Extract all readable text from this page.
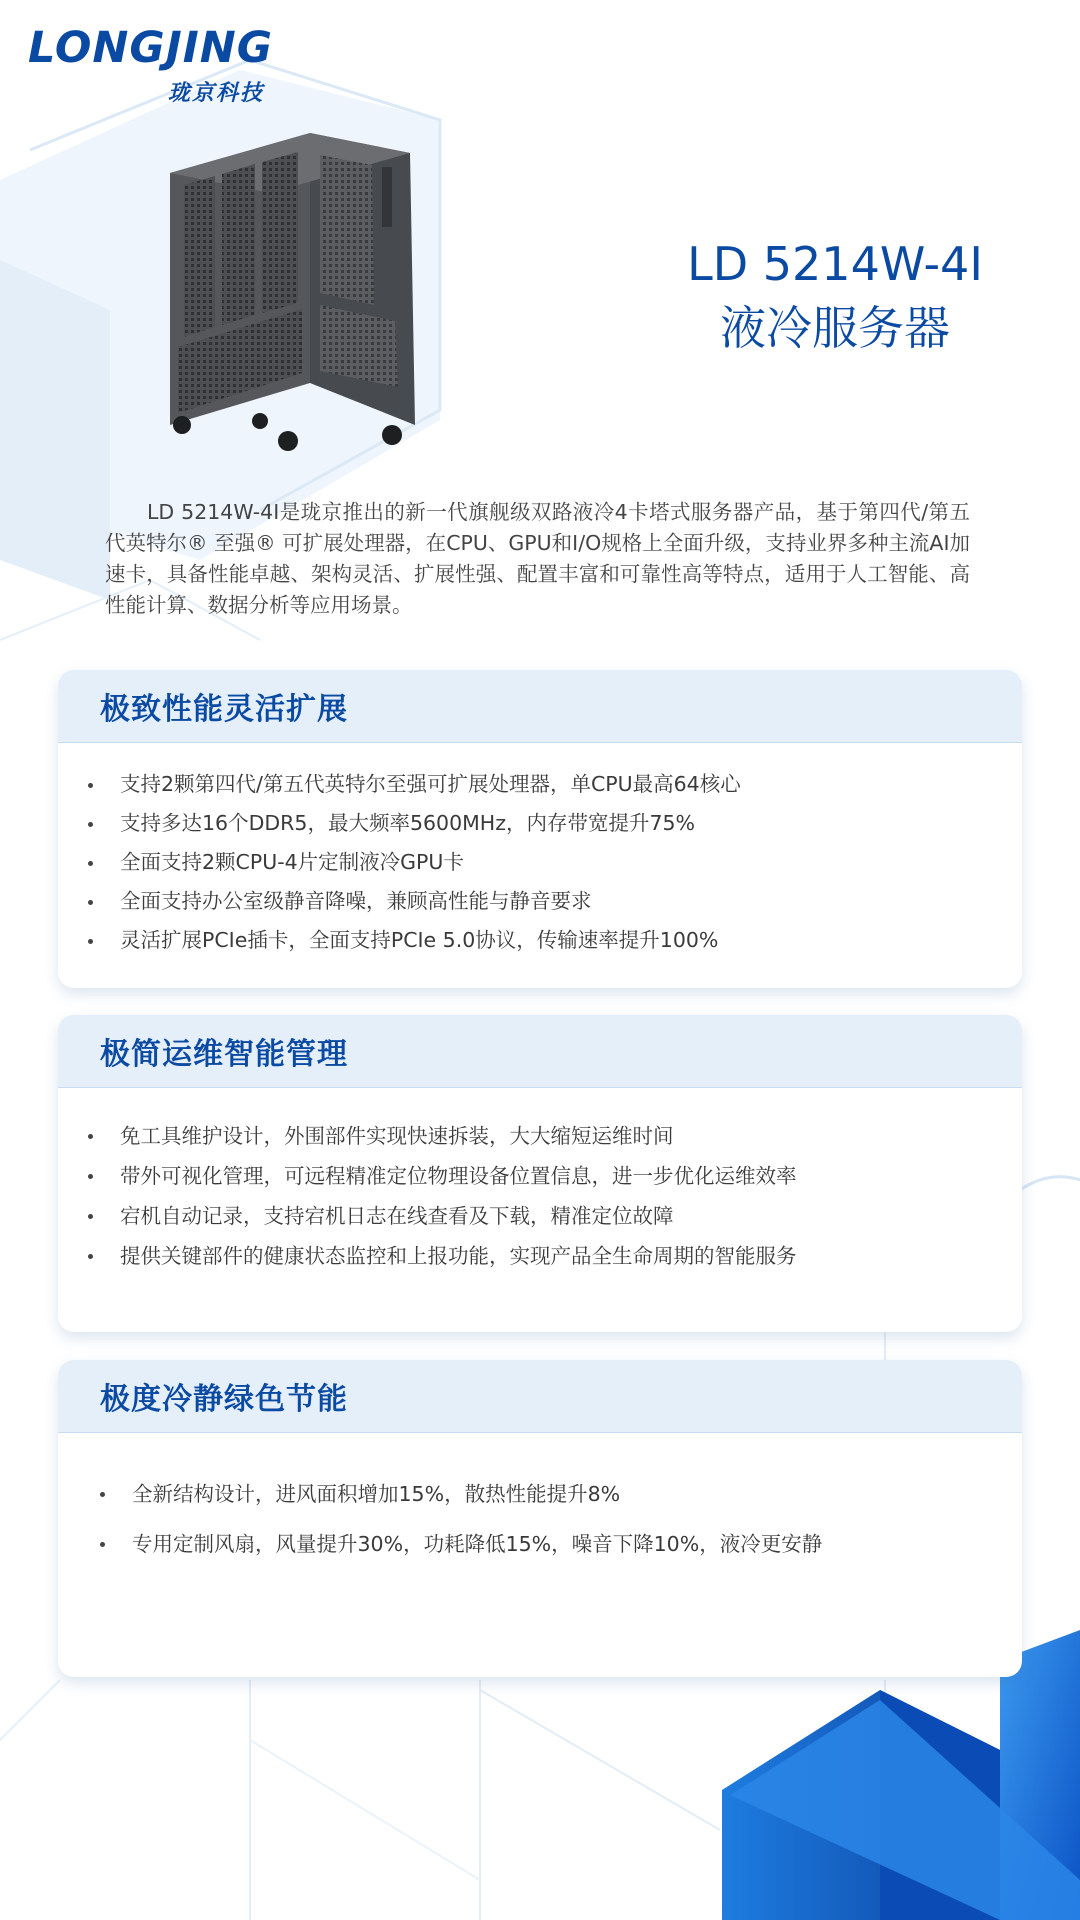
LONGJING
珑京科技
LD 5214W-4I
液冷服务器

LD 5214W-4I是珑京推出的新一代旗舰级双路液冷4卡塔式服务器产品，基于第四代/第五代英特尔® 至强® 可扩展处理器，在CPU、GPU和I/O规格上全面升级，支持业界多种主流AI加速卡，具备性能卓越、架构灵活、扩展性强、配置丰富和可靠性高等特点，适用于人工智能、高性能计算、数据分析等应用场景。

极致性能灵活扩展
支持2颗第四代/第五代英特尔至强可扩展处理器，单CPU最高64核心
支持多达16个DDR5，最大频率5600MHz，内存带宽提升75%
全面支持2颗CPU-4片定制液冷GPU卡
全面支持办公室级静音降噪，兼顾高性能与静音要求
灵活扩展PCIe插卡，全面支持PCIe 5.0协议，传输速率提升100%
极简运维智能管理
免工具维护设计，外围部件实现快速拆装，大大缩短运维时间
带外可视化管理，可远程精准定位物理设备位置信息，进一步优化运维效率
宕机自动记录，支持宕机日志在线查看及下载，精准定位故障
提供关键部件的健康状态监控和上报功能，实现产品全生命周期的智能服务
极度冷静绿色节能
全新结构设计，进风面积增加15%，散热性能提升8%
专用定制风扇，风量提升30%，功耗降低15%，噪音下降10%，液冷更安静
